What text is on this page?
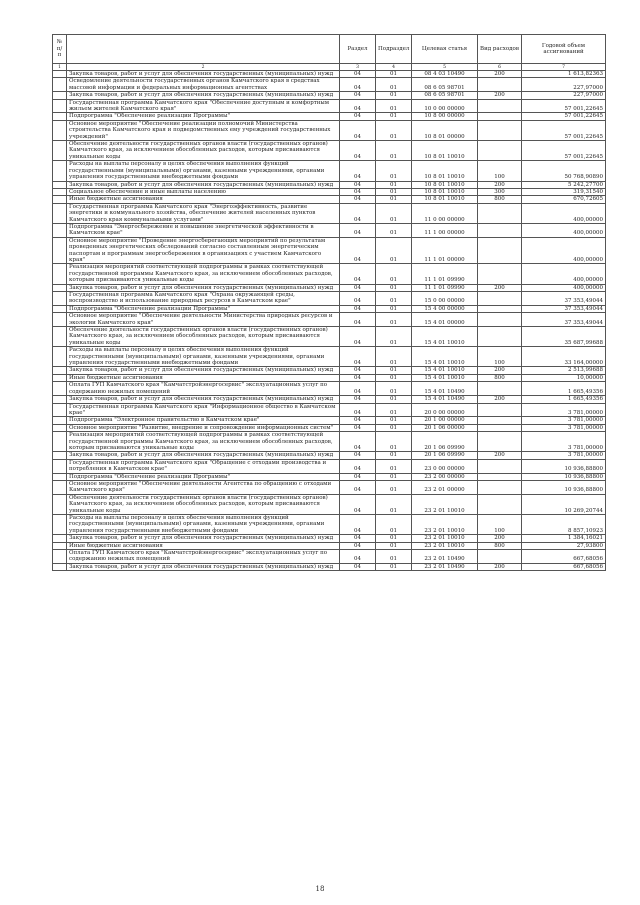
№ п/п		Раздел	Подраздел	Целевая статья	Вид расходов	Годовой объем ассигнований
1	2	3	4	5	6	7
	Закупка товаров, работ и услуг для обеспечения государственных (муниципальных) нужд	04	01	08 4 03 10490	200	1 613,82363
	Осведомление деятельности государственных органов Камчатского края в средствах массовой информации и федеральных информационных агентствах	04	01	08 6 05 98701		227,97000
	Закупка товаров, работ и услуг для обеспечения государственных (муниципальных) нужд	04	01	08 6 05 98701	200	227,97000
	Государственная программа Камчатского края "Обеспечение доступным и комфортным жильем жителей Камчатского края"	04	01	10 0 00 00000		57 001,22645
	Подпрограмма "Обеспечение реализации Программы"	04	01	10 8 00 00000		57 001,22645
	Основное мероприятие "Обеспечение реализации полномочий Министерства строительства Камчатского края и подведомственных ему учреждений государственных учреждений"	04	01	10 8 01 00000		57 001,22645
	Обеспечение деятельности государственных органов власти (государственных органов) Камчатского края, за исключением обособленных расходов, которым присваиваются уникальные коды	04	01	10 8 01 10010		57 001,22645
	Расходы на выплаты персоналу в целях обеспечения выполнения функций государственными (муниципальными) органами, казенными учреждениями, органами управления государственными внебюджетными фондами	04	01	10 8 01 10010	100	50 768,90890
	Закупка товаров, работ и услуг для обеспечения государственных (муниципальных) нужд	04	01	10 8 01 10010	200	5 242,27700
	Социальное обеспечение и иные выплаты населению	04	01	10 8 01 10010	300	319,31540
	Иные бюджетные ассигнования	04	01	10 8 01 10010	800	670,72605
	Государственная программа Камчатского края "Энергоэффективность, развитие энергетики и коммунального хозяйства, обеспечение жителей населенных пунктов Камчатского края коммунальными услугами"	04	01	11 0 00 00000		400,00000
	Подпрограмма "Энергосбережение и повышение энергетической эффективности в Камчатском крае"	04	01	11 1 00 00000		400,00000
	Основное мероприятие "Проведение энергосберегающих мероприятий по результатам проведенных энергетических обследований согласно составленным энергетическим паспортам и программам энергосбережения в организациях с участием Камчатского края"	04	01	11 1 01 00000		400,00000
	Реализация мероприятий соответствующей подпрограммы в рамках соответствующей государственной программы Камчатского края, за исключением обособленных расходов, которым присваиваются уникальные коды	04	01	11 1 01 09990		400,00000
	Закупка товаров, работ и услуг для обеспечения государственных (муниципальных) нужд	04	01	11 1 01 09990	200	400,00000
	Государственная программа Камчатского края "Охрана окружающей среды, воспроизводство и использование природных ресурсов в Камчатском крае"	04	01	15 0 00 00000		37 353,49044
	Подпрограмма "Обеспечение реализации Программы"	04	01	15 4 00 00000		37 353,49044
	Основное мероприятие "Обеспечение деятельности Министерства природных ресурсов и экологии Камчатского края"	04	01	15 4 01 00000		37 353,49044
	Обеспечение деятельности государственных органов власти (государственных органов) Камчатского края, за исключением обособленных расходов, которым присваиваются уникальные коды	04	01	15 4 01 10010		35 687,99688
	Расходы на выплаты персоналу в целях обеспечения выполнения функций государственными (муниципальными) органами, казенными учреждениями, органами управления государственными внебюджетными фондами	04	01	15 4 01 10010	100	33 164,00000
	Закупка товаров, работ и услуг для обеспечения государственных (муниципальных) нужд	04	01	15 4 01 10010	200	2 513,99688
	Иные бюджетные ассигнования	04	01	15 4 01 10010	800	10,00000
	Оплата ГУП Камчатского края "Камчатстройэнергосервис" эксплуатационных услуг по содержанию нежилых помещений	04	01	15 4 01 10490		1 665,49356
	Закупка товаров, работ и услуг для обеспечения государственных (муниципальных) нужд	04	01	15 4 01 10490	200	1 665,49356
	Государственная программа Камчатского края "Информационное общество в Камчатском крае"	04	01	20 0 00 00000		3 781,00000
	Подпрограмма "Электронное правительство в Камчатском крае"	04	01	20 1 00 00000		3 781,00000
	Основное мероприятие "Развитие, внедрение и сопровождение информационных систем"	04	01	20 1 06 00000		3 781,00000
	Реализация мероприятий соответствующей подпрограммы в рамках соответствующей государственной программы Камчатского края, за исключением обособленных расходов, которым присваиваются уникальные коды	04	01	20 1 06 09990		3 781,00000
	Закупка товаров, работ и услуг для обеспечения государственных (муниципальных) нужд	04	01	20 1 06 09990	200	3 781,00000
	Государственная программа Камчатского края "Обращение с отходами производства и потребления в Камчатском крае"	04	01	23 0 00 00000		10 936,88800
	Подпрограмма "Обеспечение реализации Программы"	04	01	23 2 00 00000		10 936,88800
	Основное мероприятие "Обеспечение деятельности Агентства по обращению с отходами Камчатского края"	04	01	23 2 01 00000		10 936,88800
	Обеспечение деятельности государственных органов власти (государственных органов) Камчатского края, за исключением обособленных расходов, которым присваиваются уникальные коды	04	01	23 2 01 10010		10 269,20744
	Расходы на выплаты персоналу в целях обеспечения выполнения функций государственными (муниципальными) органами, казенными учреждениями, органами управления государственными внебюджетными фондами	04	01	23 2 01 10010	100	8 857,10923
	Закупка товаров, работ и услуг для обеспечения государственных (муниципальных) нужд	04	01	23 2 01 10010	200	1 384,16021
	Иные бюджетные ассигнования	04	01	23 2 01 10010	800	27,93800
	Оплата ГУП Камчатского края "Камчатстройэнергосервис" эксплуатационных услуг по содержанию нежилых помещений	04	01	23 2 01 10490		667,68056
	Закупка товаров, работ и услуг для обеспечения государственных (муниципальных) нужд	04	01	23 2 01 10490	200	667,68056
18
